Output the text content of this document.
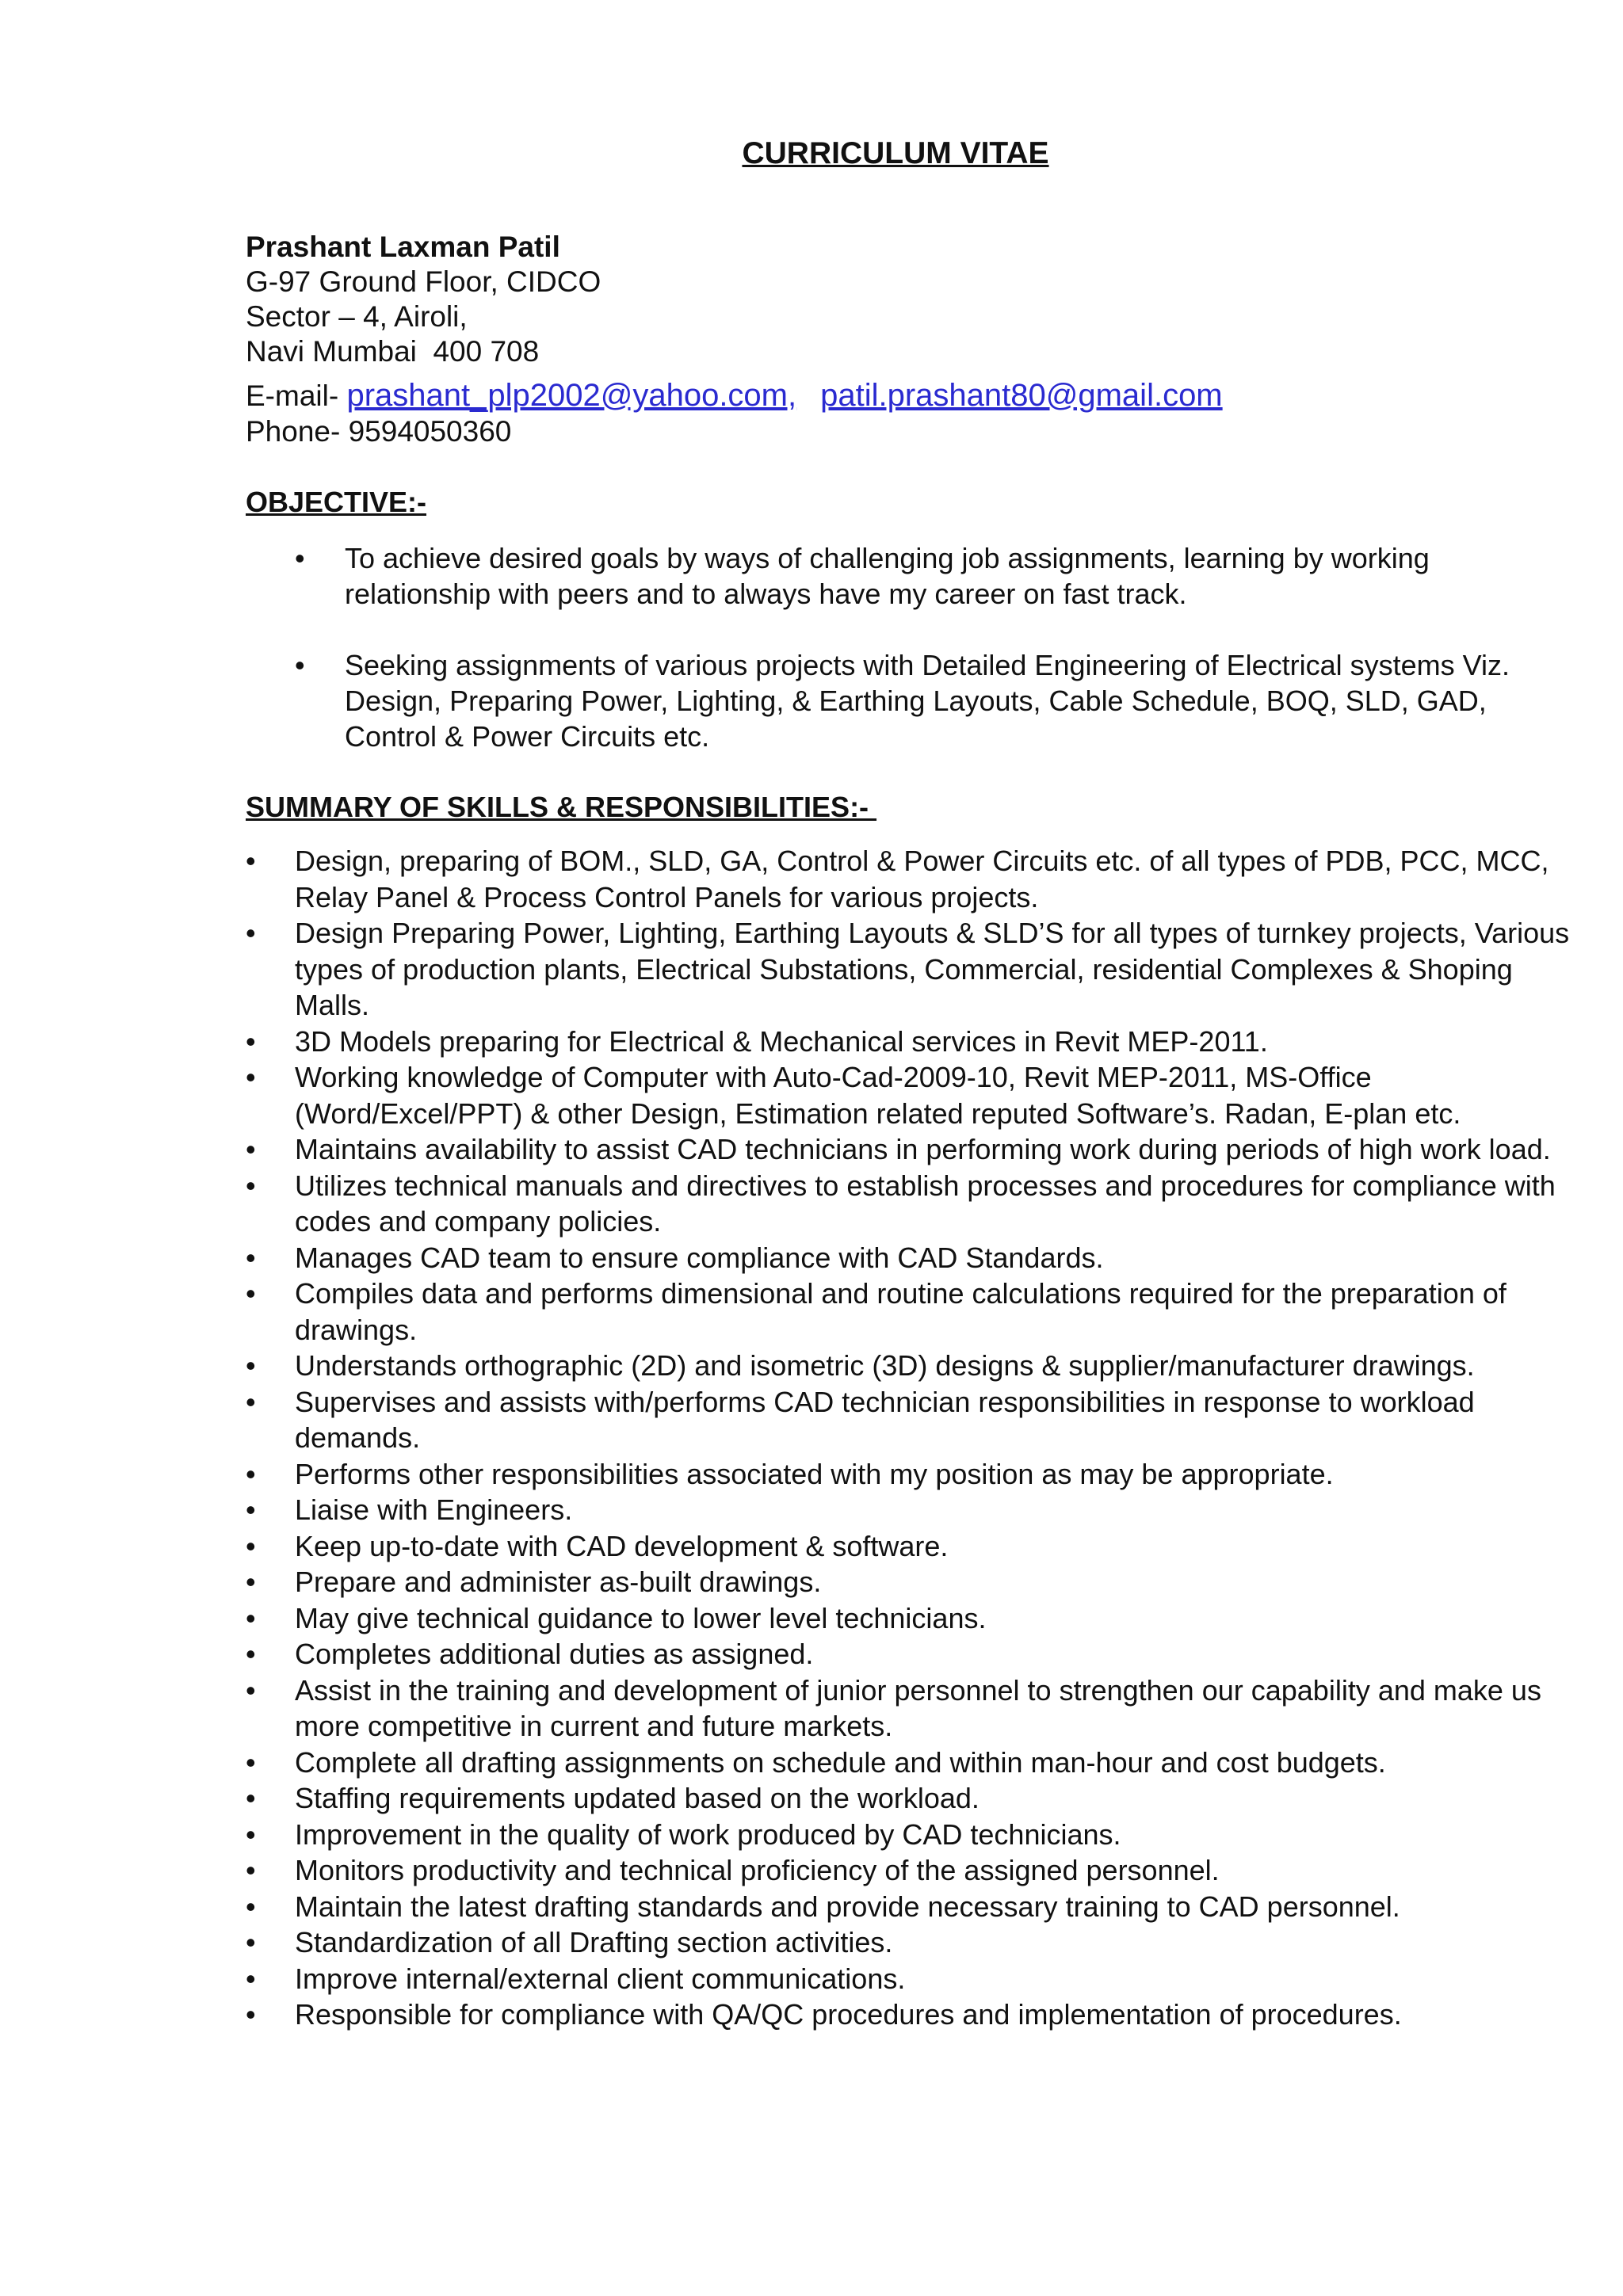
CURRICULUM VITAE
Prashant Laxman Patil
G-97 Ground Floor, CIDCO
Sector – 4, Airoli,
Navi Mumbai  400 708
E-mail- prashant_plp2002@yahoo.com, patil.prashant80@gmail.com
Phone- 9594050360
OBJECTIVE:-
• To achieve desired goals by ways of challenging job assignments, learning by working relationship with peers and to always have my career on fast track.
• Seeking assignments of various projects with Detailed Engineering of Electrical systems Viz. Design, Preparing Power, Lighting, & Earthing Layouts, Cable Schedule, BOQ, SLD, GAD, Control & Power Circuits etc.
SUMMARY OF SKILLS & RESPONSIBILITIES:-
• Design, preparing of BOM., SLD, GA, Control & Power Circuits etc. of all types of PDB, PCC, MCC, Relay Panel & Process Control Panels for various projects.
• Design Preparing Power, Lighting, Earthing Layouts & SLD’S for all types of turnkey projects, Various types of production plants, Electrical Substations, Commercial, residential Complexes & Shoping Malls.
• 3D Models preparing for Electrical & Mechanical services in Revit MEP-2011.
• Working knowledge of Computer with Auto-Cad-2009-10, Revit MEP-2011, MS-Office (Word/Excel/PPT) & other Design, Estimation related reputed Software’s. Radan, E-plan etc.
• Maintains availability to assist CAD technicians in performing work during periods of high work load.
• Utilizes technical manuals and directives to establish processes and procedures for compliance with codes and company policies.
• Manages CAD team to ensure compliance with CAD Standards.
• Compiles data and performs dimensional and routine calculations required for the preparation of drawings.
• Understands orthographic (2D) and isometric (3D) designs & supplier/manufacturer drawings.
• Supervises and assists with/performs CAD technician responsibilities in response to workload demands.
• Performs other responsibilities associated with my position as may be appropriate.
• Liaise with Engineers.
• Keep up-to-date with CAD development & software.
• Prepare and administer as-built drawings.
• May give technical guidance to lower level technicians.
• Completes additional duties as assigned.
• Assist in the training and development of junior personnel to strengthen our capability and make us more competitive in current and future markets.
• Complete all drafting assignments on schedule and within man-hour and cost budgets.
• Staffing requirements updated based on the workload.
• Improvement in the quality of work produced by CAD technicians.
• Monitors productivity and technical proficiency of the assigned personnel.
• Maintain the latest drafting standards and provide necessary training to CAD personnel.
• Standardization of all Drafting section activities.
• Improve internal/external client communications.
• Responsible for compliance with QA/QC procedures and implementation of procedures.
